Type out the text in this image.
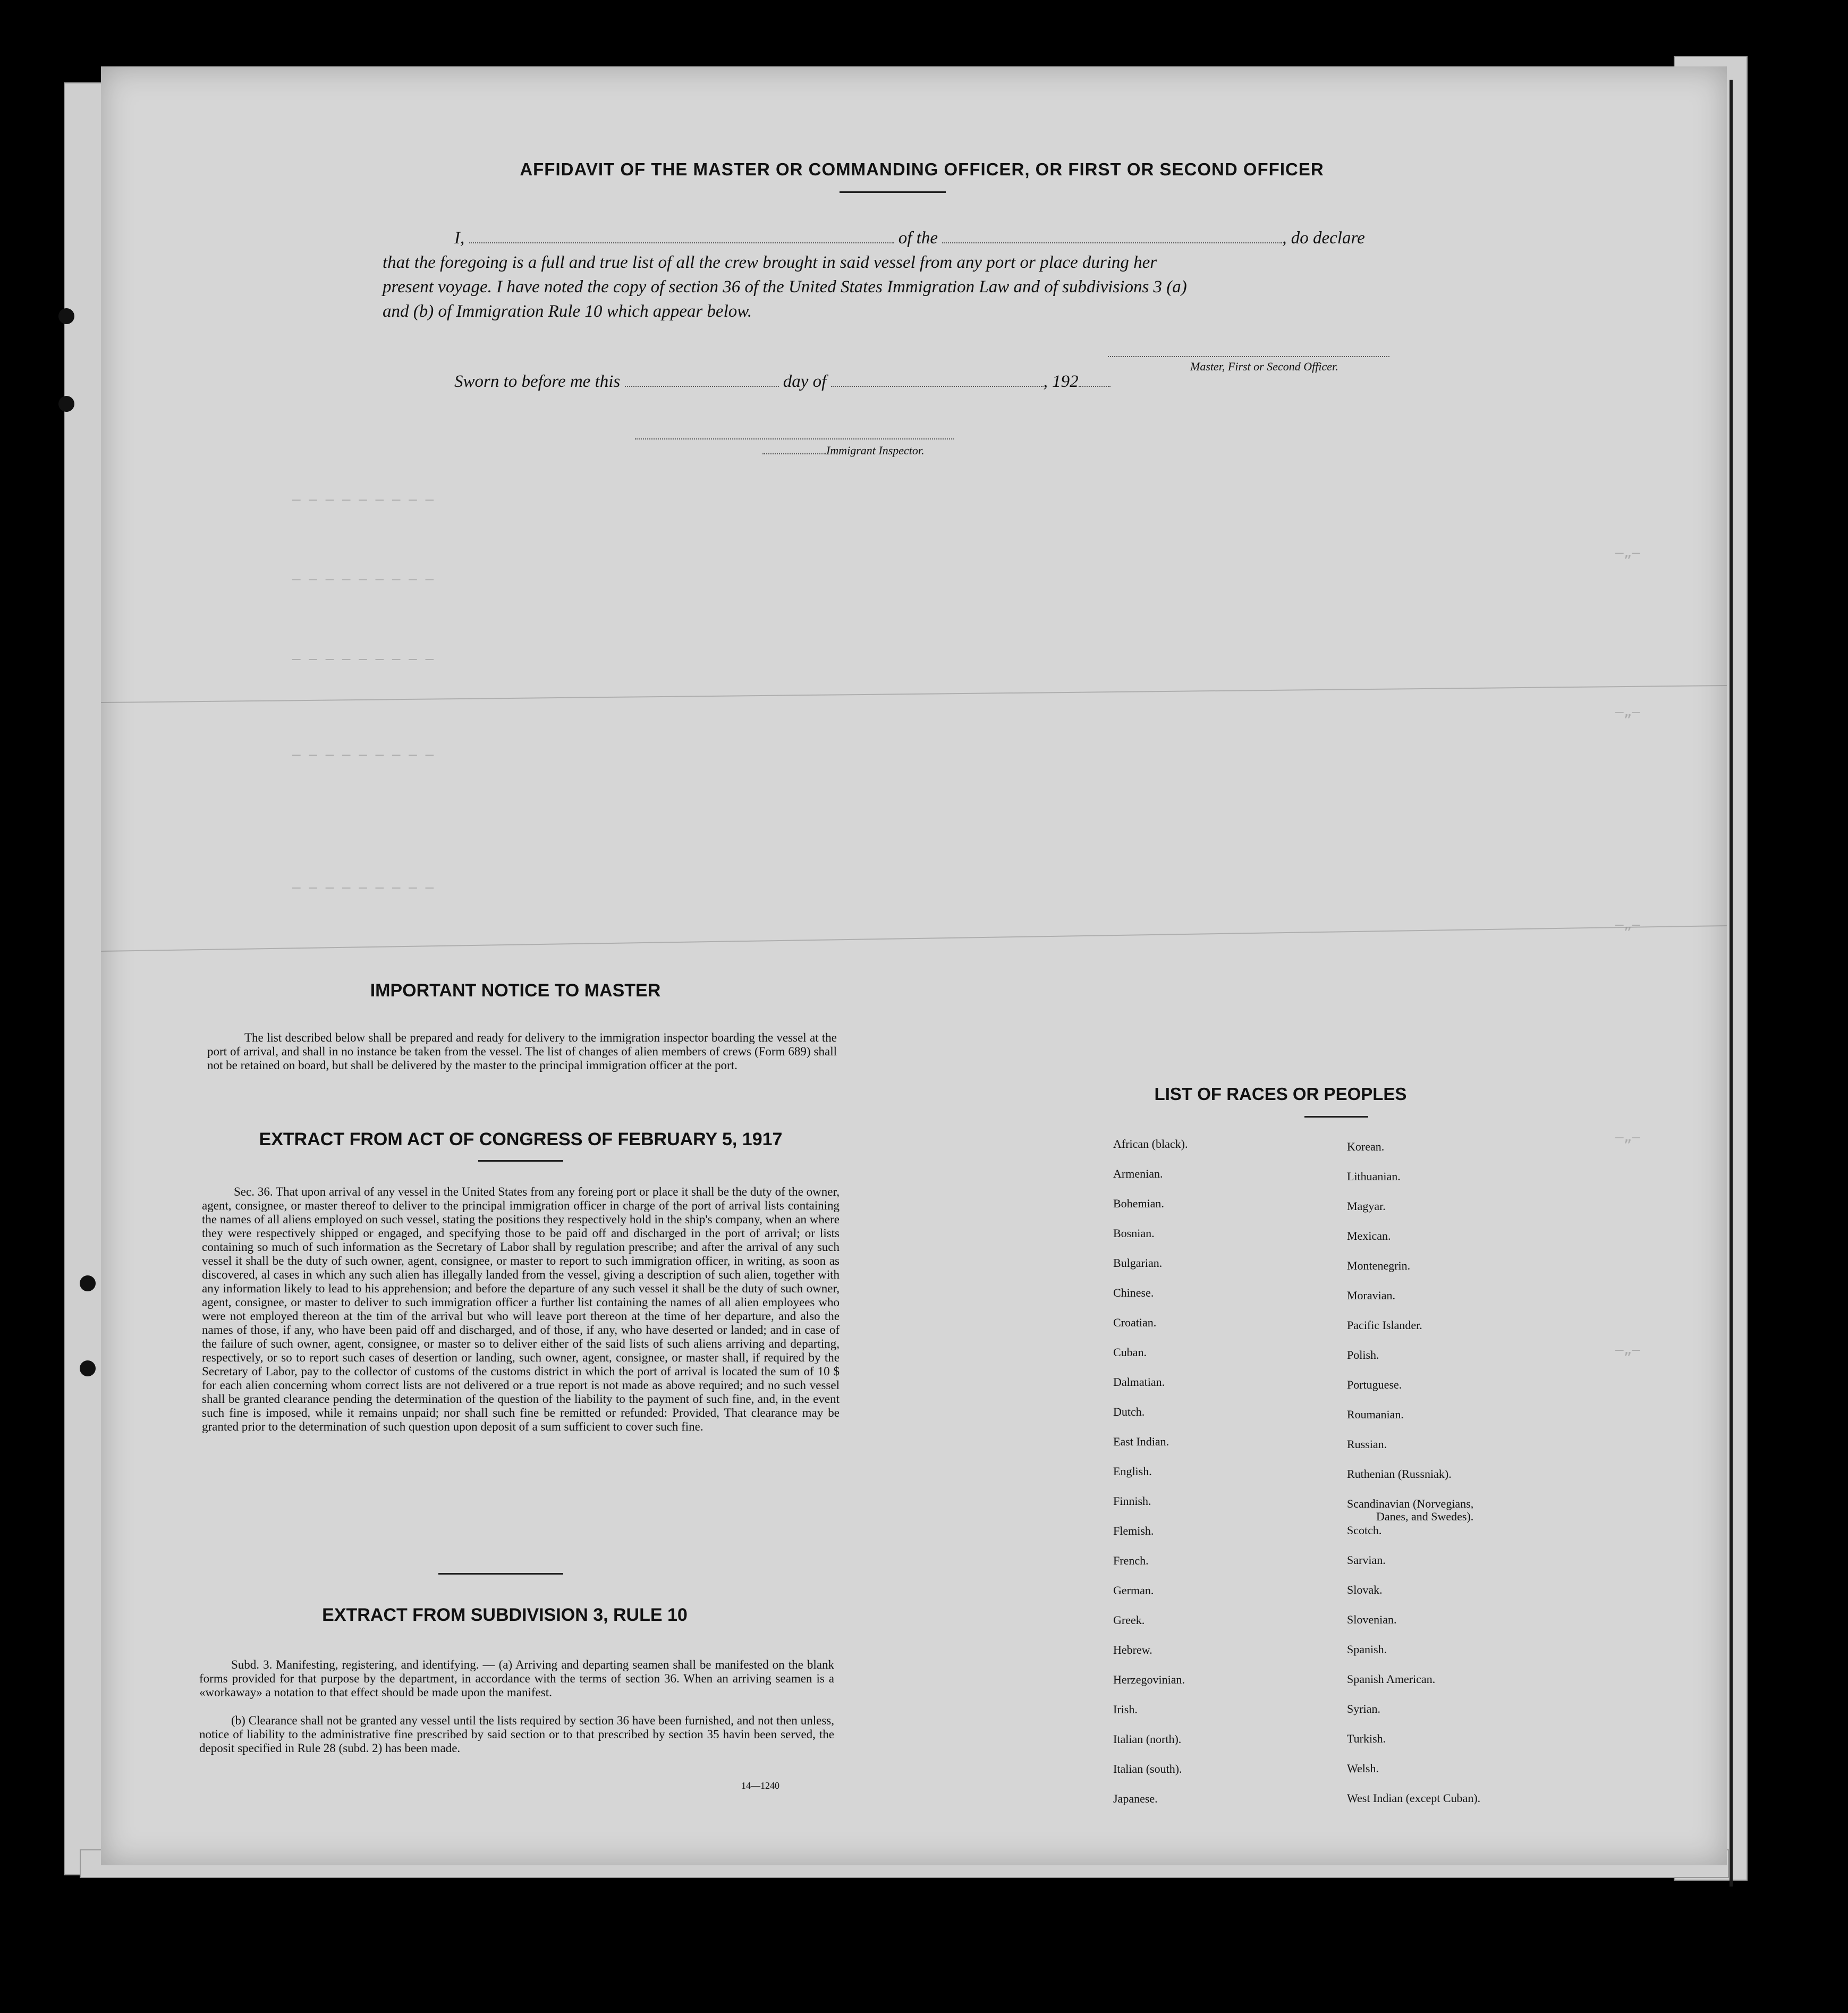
— — — — — — — — —
— — — — — — — — —
— — — — — — — — —
— — — — — — — — —
— — — — — — — — —
—„—
—„—
—„—
—„—
—„—
AFFIDAVIT OF THE MASTER OR COMMANDING OFFICER, OR FIRST OR SECOND OFFICER
I,	of the	, do declare
that the foregoing is a full and true list of all the crew brought in said vessel from any port or place during her
present voyage. I have noted the copy of section 36 of the United States Immigration Law and of subdivisions 3 (a)
and (b) of Immigration Rule 10 which appear below.
Master, First or Second Officer.
Sworn to before me this	day of	, 192
Immigrant Inspector.
IMPORTANT NOTICE TO MASTER
The list described below shall be prepared and ready for delivery to the immigration inspector boarding the vessel at the port of arrival, and shall in no instance be taken from the vessel. The list of changes of alien members of crews (Form 689) shall not be retained on board, but shall be delivered by the master to the principal immigration officer at the port.
EXTRACT FROM ACT OF CONGRESS OF FEBRUARY 5, 1917
Sec. 36. That upon arrival of any vessel in the United States from any foreing port or place it shall be the duty of the owner, agent, consignee, or master thereof to deliver to the principal immigration officer in charge of the port of arrival lists containing the names of all aliens employed on such vessel, stating the positions they respectively hold in the ship's company, when an where they were respectively shipped or engaged, and specifying those to be paid off and discharged in the port of arrival; or lists containing so much of such information as the Secretary of Labor shall by regulation prescribe; and after the arrival of any such vessel it shall be the duty of such owner, agent, consignee, or master to report to such immigration officer, in writing, as soon as discovered, al cases in which any such alien has illegally landed from the vessel, giving a description of such alien, together with any information likely to lead to his apprehension; and before the departure of any such vessel it shall be the duty of such owner, agent, consignee, or master to deliver to such immigration officer a further list containing the names of all alien employees who were not employed thereon at the tim of the arrival but who will leave port thereon at the time of her departure, and also the names of those, if any, who have been paid off and discharged, and of those, if any, who have deserted or landed; and in case of the failure of such owner, agent, consignee, or master so to deliver either of the said lists of such aliens arriving and departing, respectively, or so to report such cases of desertion or landing, such owner, agent, consignee, or master shall, if required by the Secretary of Labor, pay to the collector of customs of the customs district in which the port of arrival is located the sum of 10 $ for each alien concerning whom correct lists are not delivered or a true report is not made as above required; and no such vessel shall be granted clearance pending the determination of the question of the liability to the payment of such fine, and, in the event such fine is imposed, while it remains unpaid; nor shall such fine be remitted or refunded: Provided, That clearance may be granted prior to the determination of such question upon deposit of a sum sufficient to cover such fine.
EXTRACT FROM SUBDIVISION 3, RULE 10
Subd. 3. Manifesting, registering, and identifying. — (a) Arriving and departing seamen shall be manifested on the blank forms provided for that purpose by the department, in accordance with the terms of section 36. When an arriving seamen is a «workaway» a notation to that effect should be made upon the manifest.
(b) Clearance shall not be granted any vessel until the lists required by section 36 have been furnished, and not then unless, notice of liability to the administrative fine prescribed by said section or to that prescribed by section 35 havin been served, the deposit specified in Rule 28 (subd. 2) has been made.
14—1240
LIST OF RACES OR PEOPLES
African (black).
Armenian.
Bohemian.
Bosnian.
Bulgarian.
Chinese.
Croatian.
Cuban.
Dalmatian.
Dutch.
East Indian.
English.
Finnish.
Flemish.
French.
German.
Greek.
Hebrew.
Herzegovinian.
Irish.
Italian (north).
Italian (south).
Japanese.
Korean.
Lithuanian.
Magyar.
Mexican.
Montenegrin.
Moravian.
Pacific Islander.
Polish.
Portuguese.
Roumanian.
Russian.
Ruthenian (Russniak).
Scandinavian (Norvegians,
Danes, and Swedes).
Scotch.
Sarvian.
Slovak.
Slovenian.
Spanish.
Spanish American.
Syrian.
Turkish.
Welsh.
West Indian (except Cuban).
